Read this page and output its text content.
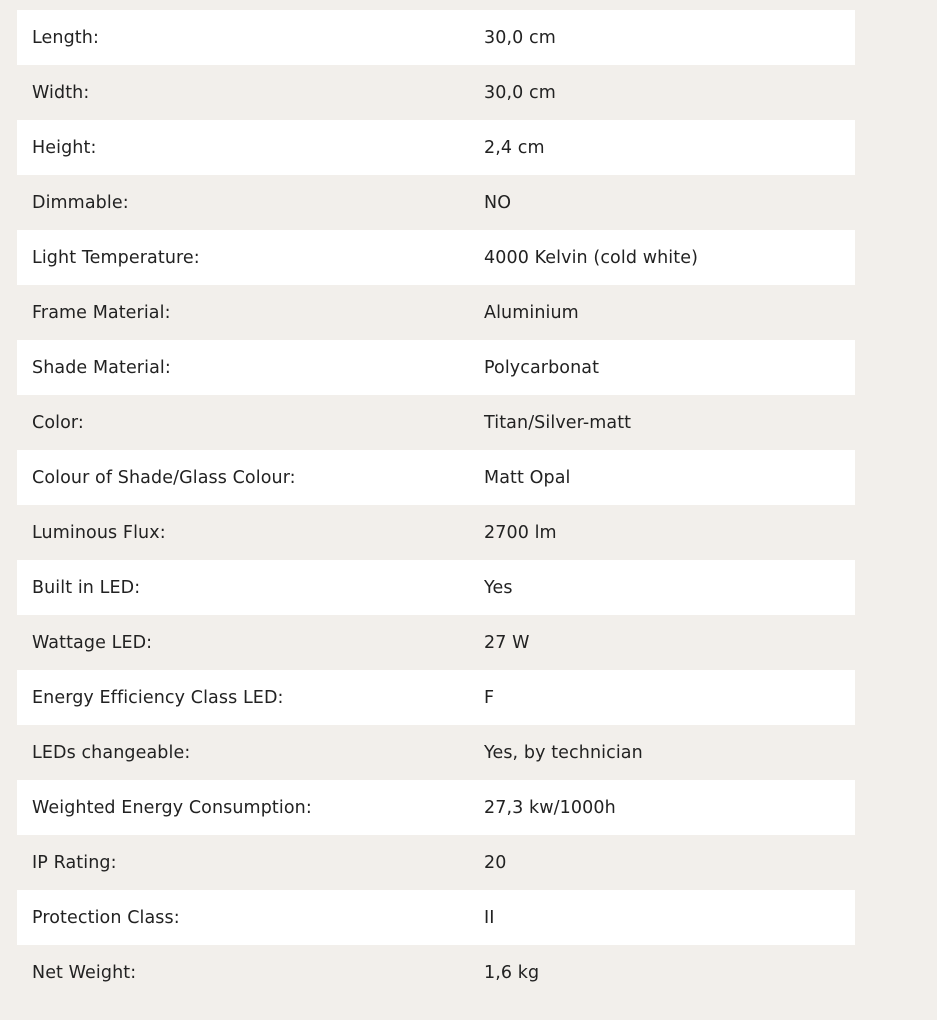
Length:	30,0 cm
Width:	30,0 cm
Height:	2,4 cm
Dimmable:	NO
Light Temperature:	4000 Kelvin (cold white)
Frame Material:	Aluminium
Shade Material:	Polycarbonat
Color:	Titan/Silver-matt
Colour of Shade/Glass Colour:	Matt Opal
Luminous Flux:	2700 lm
Built in LED:	Yes
Wattage LED:	27 W
Energy Efficiency Class LED:	F
LEDs changeable:	Yes, by technician
Weighted Energy Consumption:	27,3 kw/1000h
IP Rating:	20
Protection Class:	II
Net Weight:	1,6 kg
